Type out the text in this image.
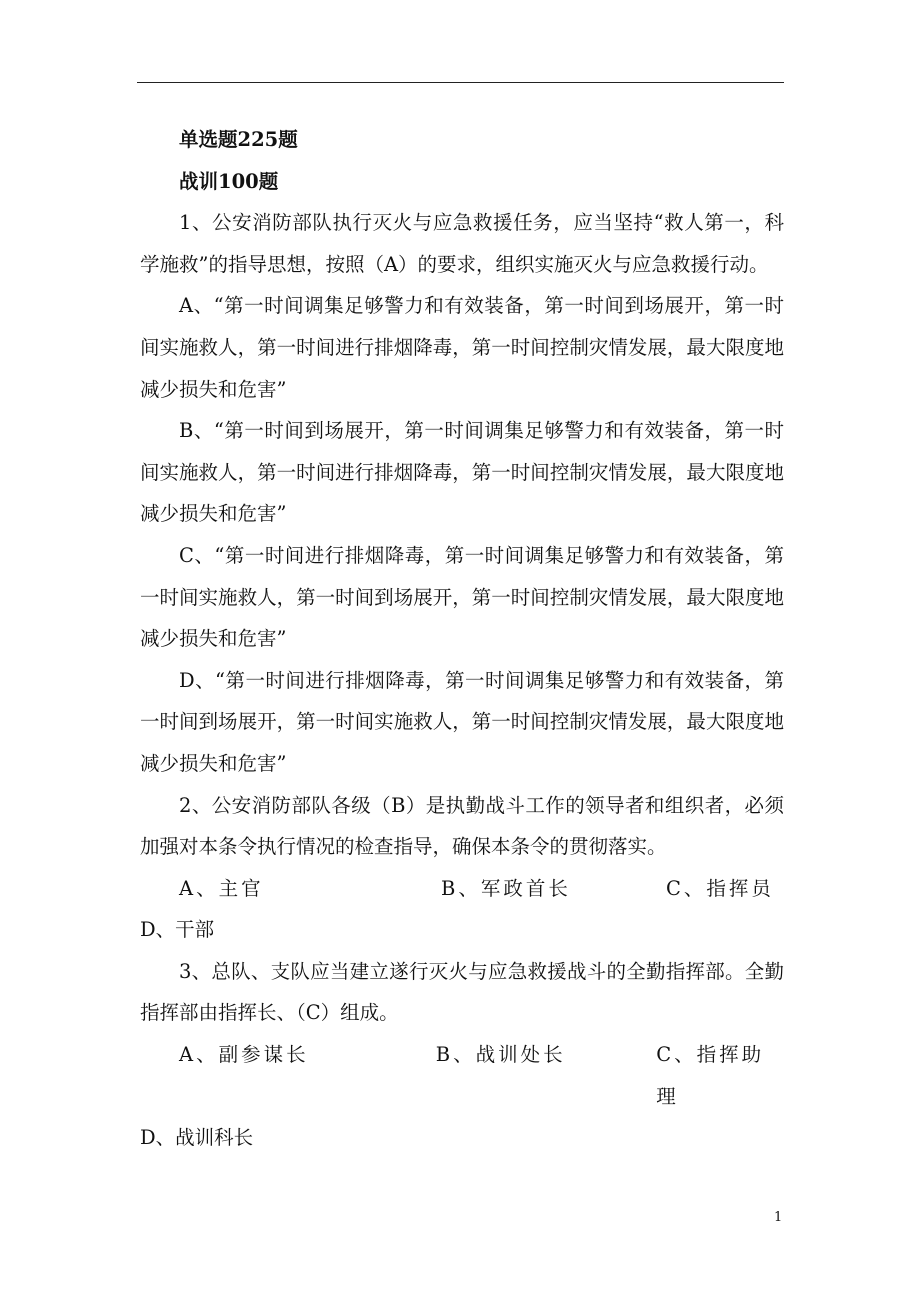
单选题225题

战训100题

1、公安消防部队执行灭火与应急救援任务，应当坚持“救人第一，科学施救”的指导思想，按照（A）的要求，组织实施灭火与应急救援行动。

A、“第一时间调集足够警力和有效装备，第一时间到场展开，第一时间实施救人，第一时间进行排烟降毒，第一时间控制灾情发展，最大限度地减少损失和危害”

B、“第一时间到场展开，第一时间调集足够警力和有效装备，第一时间实施救人，第一时间进行排烟降毒，第一时间控制灾情发展，最大限度地减少损失和危害”

C、“第一时间进行排烟降毒，第一时间调集足够警力和有效装备，第一时间实施救人，第一时间到场展开，第一时间控制灾情发展，最大限度地减少损失和危害”

D、“第一时间进行排烟降毒，第一时间调集足够警力和有效装备，第一时间到场展开，第一时间实施救人，第一时间控制灾情发展，最大限度地减少损失和危害”

2、公安消防部队各级（B）是执勤战斗工作的领导者和组织者，必须加强对本条令执行情况的检查指导，确保本条令的贯彻落实。

A、主官	B、军政首长	C、指挥员
D、干部

3、总队、支队应当建立遂行灭火与应急救援战斗的全勤指挥部。全勤指挥部由指挥长、（C）组成。

A、副参谋长	B、战训处长	C、指挥助理
D、战训科长
1
